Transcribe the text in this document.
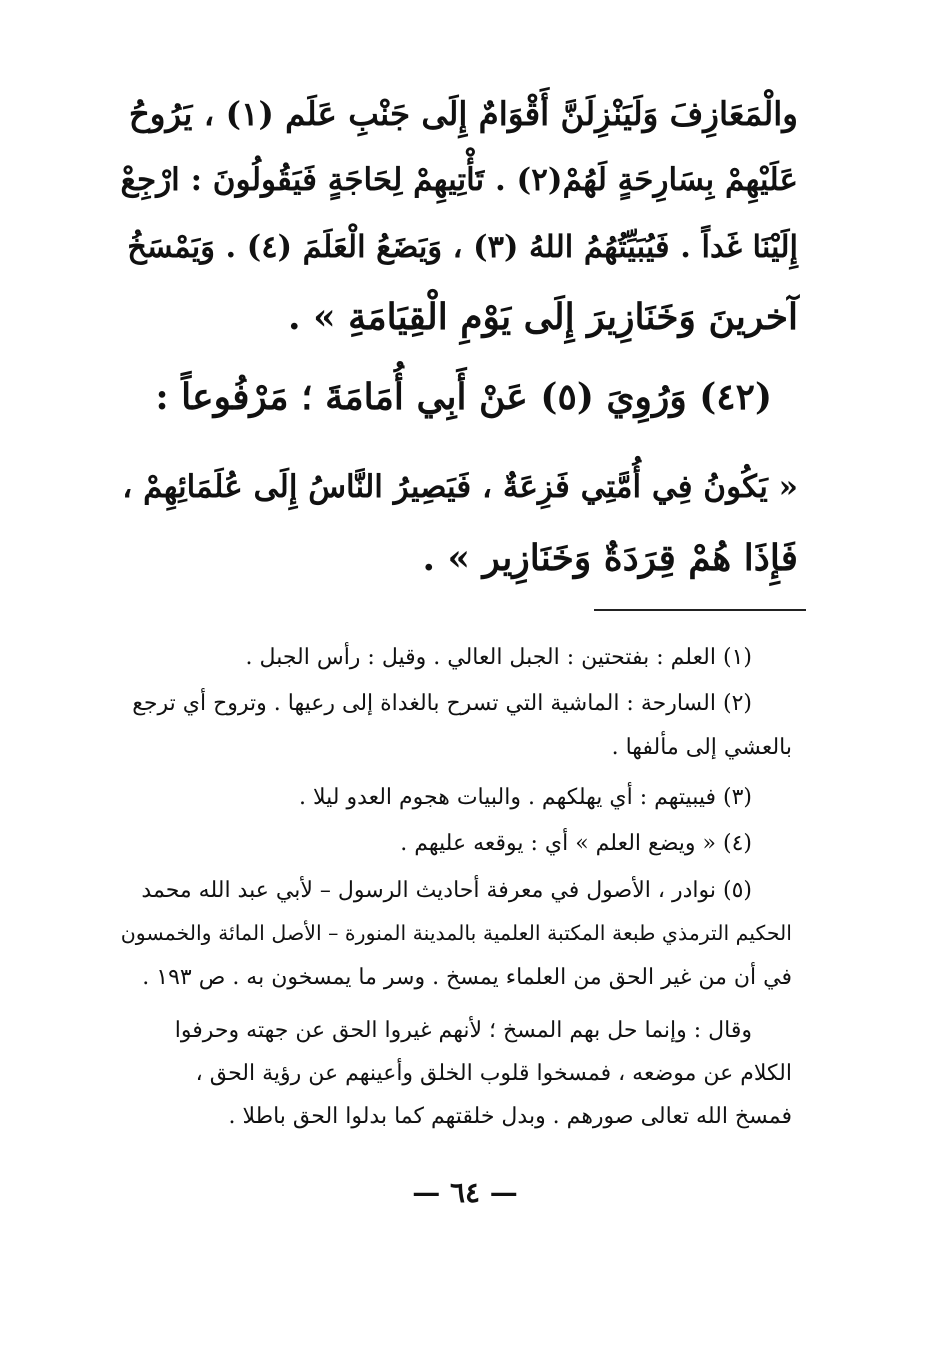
والْمَعَازِفَ وَلَيَنْزِلَنَّ أَقْوَامٌ إِلَى جَنْبِ عَلَم (١) ، يَرُوحُ
عَلَيْهِمْ بِسَارِحَةٍ لَهُمْ(٢) . تَأْتِيهِمْ لِحَاجَةٍ فَيَقُولُونَ : ارْجِعْ
إِلَيْنَا غَداً . فَيُبَيِّتُهُمُ اللهُ (٣) ، وَيَضَعُ الْعَلَمَ (٤) . وَيَمْسَخُ
آخرينَ وَخَنَازِيرَ إِلَى يَوْمِ الْقِيَامَةِ » .
(٤٢) وَرُوِيَ (٥) عَنْ أَبِي أُمَامَةَ ؛ مَرْفُوعاً :
« يَكُونُ فِي أُمَّتِي فَزِعَةٌ ، فَيَصِيرُ النَّاسُ إِلَى عُلَمَائِهِمْ ،
فَإِذَا هُمْ قِرَدَةٌ وَخَنَازِير » .
(١) العلم : بفتحتين : الجبل العالي . وقيل : رأس الجبل .
(٢) السارحة : الماشية التي تسرح بالغداة إلى رعيها . وتروح أي ترجع
بالعشي إلى مألفها .
(٣) فيبيتهم : أي يهلكهم . والبيات هجوم العدو ليلا .
(٤) « ويضع العلم » أي : يوقعه عليهم .
(٥) نوادر ، الأصول في معرفة أحاديث الرسول – لأبي عبد الله محمد
الحكيم الترمذي طبعة المكتبة العلمية بالمدينة المنورة – الأصل المائة والخمسون
في أن من غير الحق من العلماء يمسخ . وسر ما يمسخون به . ص ١٩٣ .
وقال : وإنما حل بهم المسخ ؛ لأنهم غيروا الحق عن جهته وحرفوا
الكلام عن موضعه ، فمسخوا قلوب الخلق وأعينهم عن رؤية الحق ،
فمسخ الله تعالى صورهم . وبدل خلقتهم كما بدلوا الحق باطلا .
— ٦٤ —
